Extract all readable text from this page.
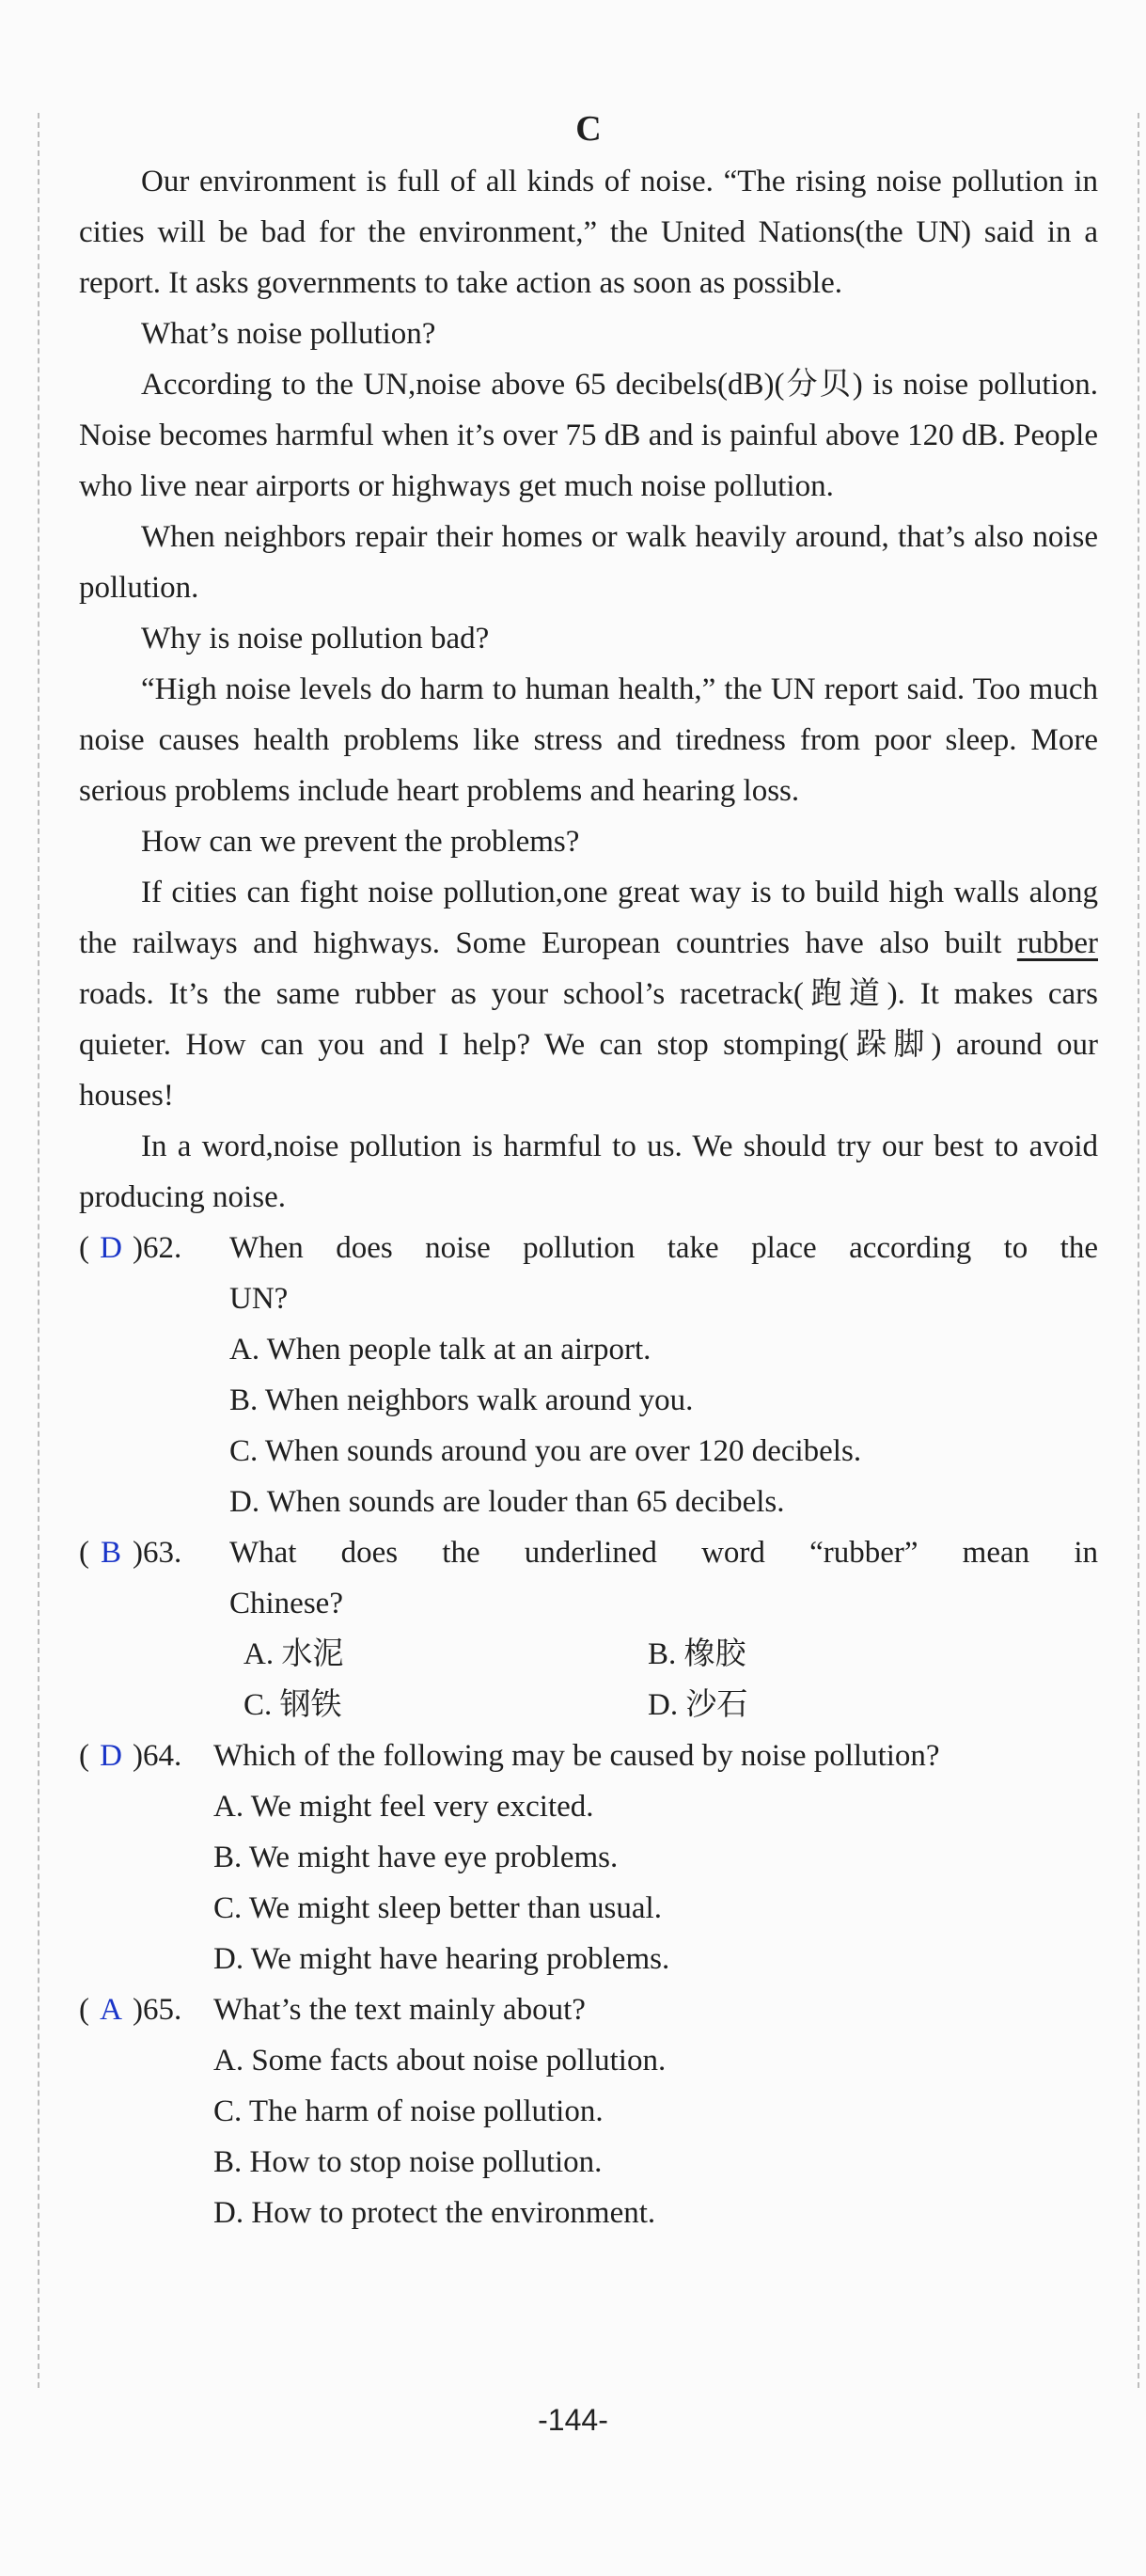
C

Our environment is full of all kinds of noise. “The rising noise pollution in cities will be bad for the environment,” the United Nations(the UN) said in a report. It asks governments to take action as soon as possible.

What’s noise pollution?

According to the UN,noise above 65 decibels(dB)(分贝) is noise pollution. Noise becomes harmful when it’s over 75 dB and is painful above 120 dB. People who live near airports or highways get much noise pollution.

When neighbors repair their homes or walk heavily around, that’s also noise pollution.

Why is noise pollution bad?

“High noise levels do harm to human health,” the UN report said. Too much noise causes health problems like stress and tiredness from poor sleep. More serious problems include heart problems and hearing loss.

How can we prevent the problems?

If cities can fight noise pollution,one great way is to build high walls along the railways and highways. Some European countries have also built rubber roads. It’s the same rubber as your school’s racetrack(跑道). It makes cars quieter. How can you and I help? We can stop stomping(跺脚) around our houses!

In a word,noise pollution is harmful to us. We should try our best to avoid producing noise.

( D )62.	When does noise pollution take place according to the

UN?

A. When people talk at an airport.

B. When neighbors walk around you.

C. When sounds around you are over 120 decibels.

D. When sounds are louder than 65 decibels.

( B )63.	What does the underlined word “rubber” mean in

Chinese?

A. 水泥	B. 橡胶
C. 钢铁	D. 沙石
( D )64.	Which of the following may be caused by noise pollution?

A. We might feel very excited.

B. We might have eye problems.

C. We might sleep better than usual.

D. We might have hearing problems.

( A )65.	What’s the text mainly about?

A. Some facts about noise pollution.

C. The harm of noise pollution.

B. How to stop noise pollution.

D. How to protect the environment.

-144-
